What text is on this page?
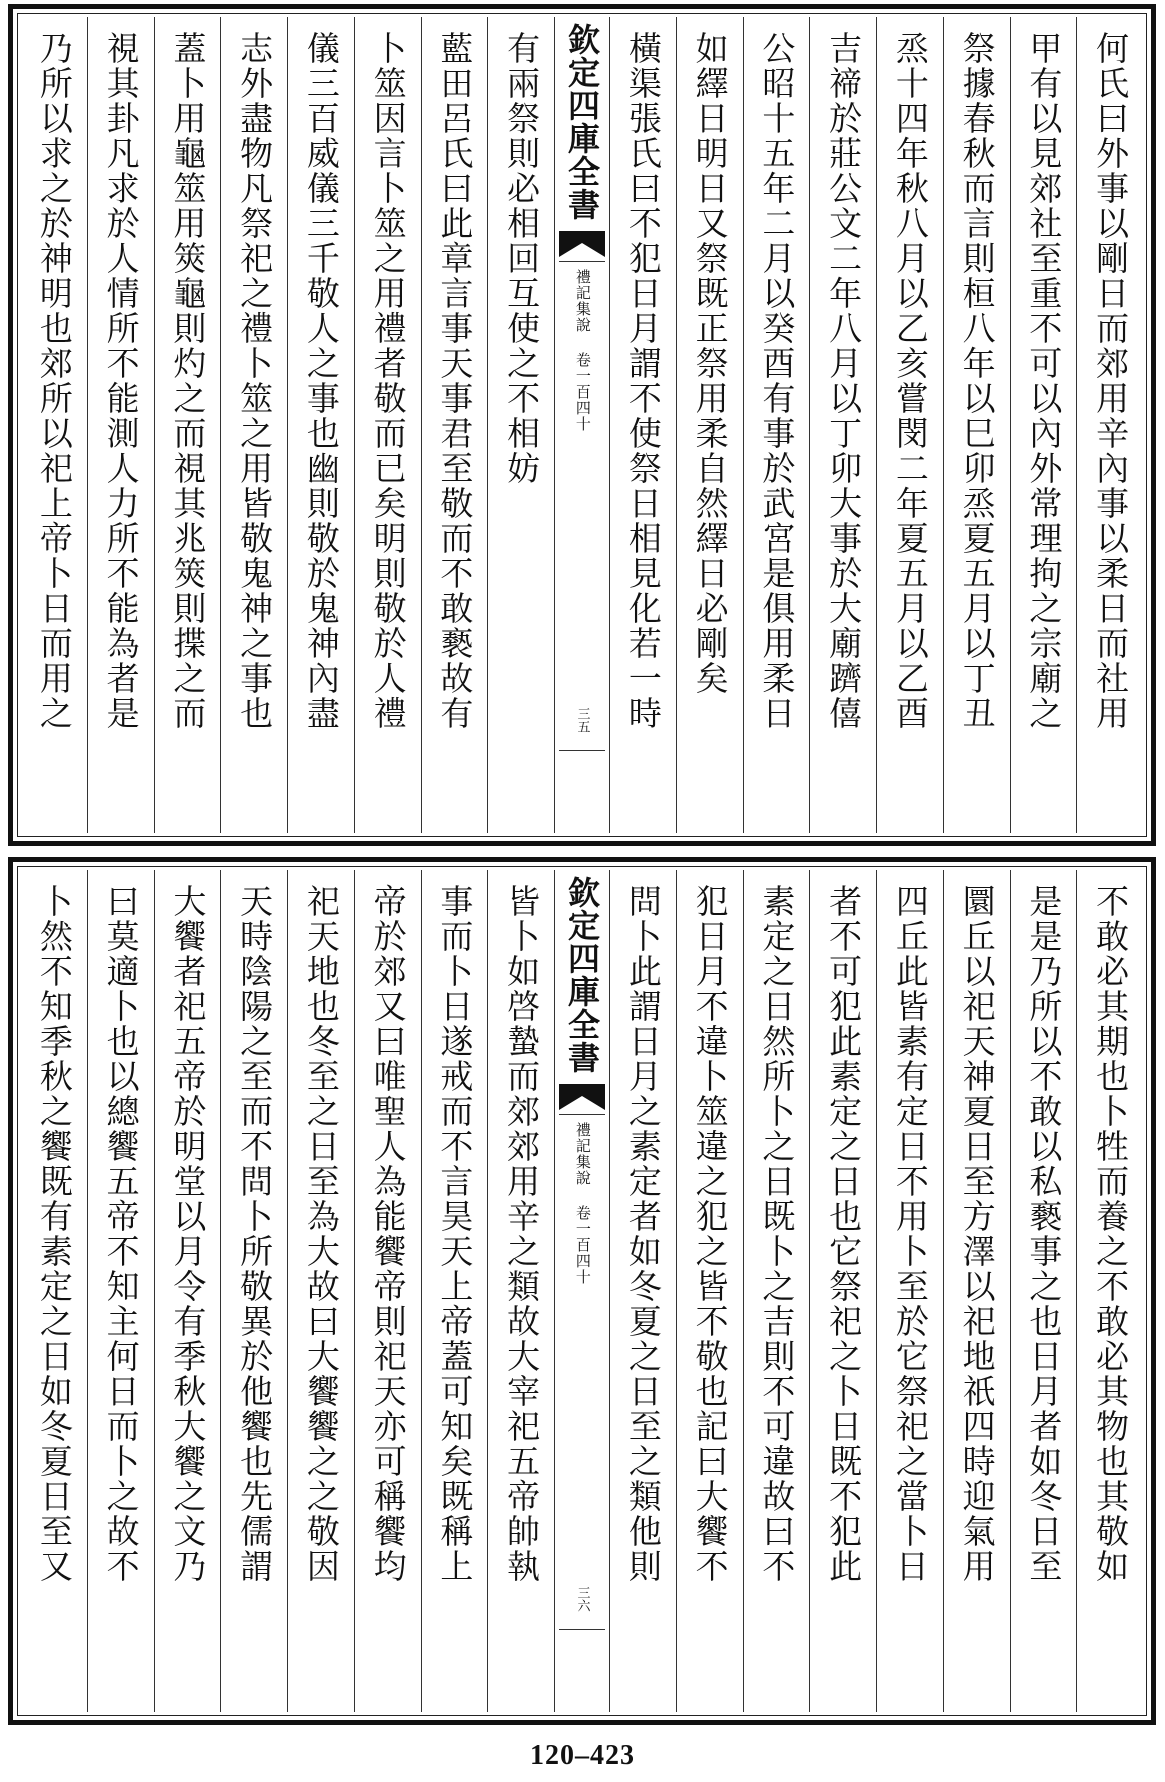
何氏曰外事以剛日而郊用辛內事以柔日而社用
甲有以見郊社至重不可以內外常理拘之宗廟之
祭據春秋而言則桓八年以巳卯烝夏五月以丁丑
烝十四年秋八月以乙亥嘗閔二年夏五月以乙酉
吉禘於莊公文二年八月以丁卯大事於大廟躋僖
公昭十五年二月以癸酉有事於武宮是俱用柔日
如繹日明日又祭既正祭用柔自然繹日必剛矣
橫渠張氏曰不犯日月謂不使祭日相見化若一時
欽定四庫全書
禮記集說 卷一百四十
三五
有兩祭則必相回互使之不相妨
藍田呂氏曰此章言事天事君至敬而不敢褻故有
卜筮因言卜筮之用禮者敬而已矣明則敬於人禮
儀三百威儀三千敬人之事也幽則敬於鬼神內盡
志外盡物凡祭祀之禮卜筮之用皆敬鬼神之事也
蓋卜用龜筮用筴龜則灼之而視其兆筴則揲之而
視其卦凡求於人情所不能測人力所不能為者是
乃所以求之於神明也郊所以祀上帝卜日而用之
不敢必其期也卜牲而養之不敢必其物也其敬如
是是乃所以不敢以私褻事之也日月者如冬日至
圜丘以祀天神夏日至方澤以祀地祇四時迎氣用
四丘此皆素有定日不用卜至於它祭祀之當卜日
者不可犯此素定之日也它祭祀之卜日既不犯此
素定之日然所卜之日既卜之吉則不可違故曰不
犯日月不違卜筮違之犯之皆不敬也記曰大饗不
問卜此謂日月之素定者如冬夏之日至之類他則
欽定四庫全書
禮記集說 卷一百四十
三六
皆卜如啓蟄而郊郊用辛之類故大宰祀五帝帥執
事而卜日遂戒而不言昊天上帝蓋可知矣既稱上
帝於郊又曰唯聖人為能饗帝則祀天亦可稱饗均
祀天地也冬至之日至為大故曰大饗饗之之敬因
天時陰陽之至而不問卜所敬異於他饗也先儒謂
大饗者祀五帝於明堂以月令有季秋大饗之文乃
曰莫適卜也以總饗五帝不知主何日而卜之故不
卜然不知季秋之饗既有素定之日如冬夏日至又
120–423
